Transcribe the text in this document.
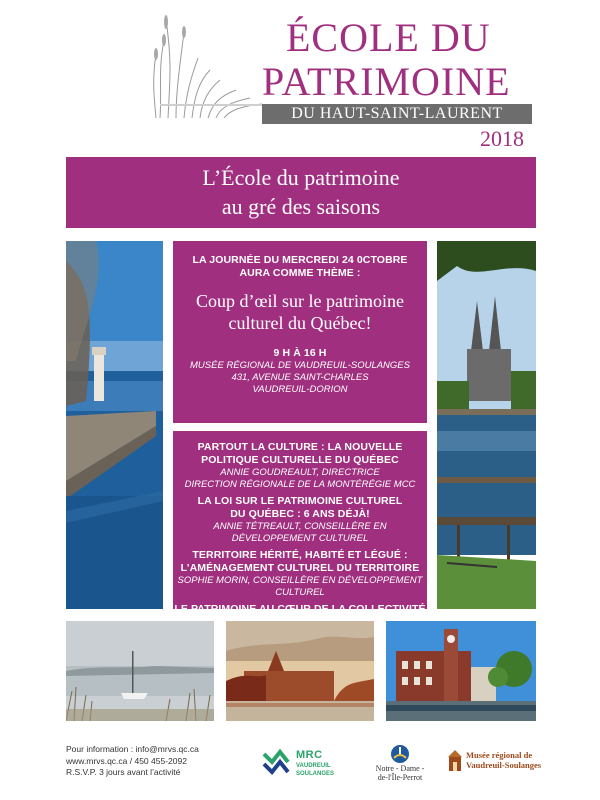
ÉCOLE DU
PATRIMOINE
DU HAUT-SAINT-LAURENT
2018
L’École du patrimoine
au gré des saisons
LA JOURNÉE DU MERCREDI 24 0CTOBRE
AURA COMME THÈME :
Coup d’œil sur le patrimoine
culturel du Québec!
9 H À 16 H
MUSÉE RÉGIONAL DE VAUDREUIL-SOULANGES
431, AVENUE SAINT-CHARLES
VAUDREUIL-DORION
PARTOUT LA CULTURE : LA NOUVELLE
POLITIQUE CULTURELLE DU QUÉBEC
ANNIE GOUDREAULT, DIRECTRICE
DIRECTION RÉGIONALE DE LA MONTÉRÉGIE MCC
LA LOI SUR LE PATRIMOINE CULTUREL
DU QUÉBEC : 6 ANS DÉJÀ!
ANNIE TÉTREAULT, CONSEILLÈRE EN DÉVELOPPEMENT CULTUREL
TERRITOIRE HÉRITÉ, HABITÉ ET LÉGUÉ :
L’AMÉNAGEMENT CULTUREL DU TERRITOIRE
SOPHIE MORIN, CONSEILLÈRE EN DÉVELOPPEMENT CULTUREL
LE PATRIMOINE AU CŒUR DE LA COLLECTIVITÉ
MARIE-JACINTHE
Pour information : info@mrvs.qc.ca
www.mrvs.qc.ca / 450 455-2092
R.S.V.P. 3 jours avant l’activité
MRC
VAUDREUIL
SOULANGES
Notre - Dame -
de-l'Île-Perrot
Musée régional de
Vaudreuil-Soulanges
